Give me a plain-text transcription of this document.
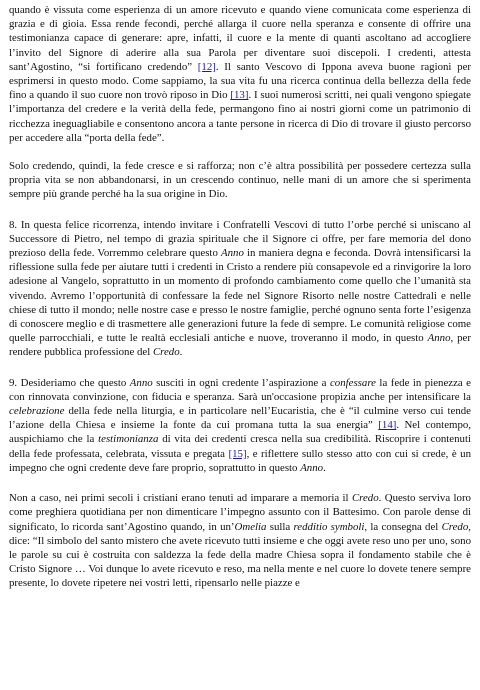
quando è vissuta come esperienza di un amore ricevuto e quando viene comunicata come esperienza di grazia e di gioia. Essa rende fecondi, perché allarga il cuore nella speranza e consente di offrire una testimonianza capace di generare: apre, infatti, il cuore e la mente di quanti ascoltano ad accogliere l’invito del Signore di aderire alla sua Parola per diventare suoi discepoli. I credenti, attesta sant’Agostino, “si fortificano credendo” [12]. Il santo Vescovo di Ippona aveva buone ragioni per esprimersi in questo modo. Come sappiamo, la sua vita fu una ricerca continua della bellezza della fede fino a quando il suo cuore non trovò riposo in Dio [13]. I suoi numerosi scritti, nei quali vengono spiegate l’importanza del credere e la verità della fede, permangono fino ai nostri giorni come un patrimonio di ricchezza ineguagliabile e consentono ancora a tante persone in ricerca di Dio di trovare il giusto percorso per accedere alla “porta della fede”.

Solo credendo, quindi, la fede cresce e si rafforza; non c’è altra possibilità per possedere certezza sulla propria vita se non abbandonarsi, in un crescendo continuo, nelle mani di un amore che si sperimenta sempre più grande perché ha la sua origine in Dio.

8. In questa felice ricorrenza, intendo invitare i Confratelli Vescovi di tutto l’orbe perché si uniscano al Successore di Pietro, nel tempo di grazia spirituale che il Signore ci offre, per fare memoria del dono prezioso della fede. Vorremmo celebrare questo Anno in maniera degna e feconda. Dovrà intensificarsi la riflessione sulla fede per aiutare tutti i credenti in Cristo a rendere più consapevole ed a rinvigorire la loro adesione al Vangelo, soprattutto in un momento di profondo cambiamento come quello che l’umanità sta vivendo. Avremo l’opportunità di confessare la fede nel Signore Risorto nelle nostre Cattedrali e nelle chiese di tutto il mondo; nelle nostre case e presso le nostre famiglie, perché ognuno senta forte l’esigenza di conoscere meglio e di trasmettere alle generazioni future la fede di sempre. Le comunità religiose come quelle parrocchiali, e tutte le realtà ecclesiali antiche e nuove, troveranno il modo, in questo Anno, per rendere pubblica professione del Credo.

9. Desideriamo che questo Anno susciti in ogni credente l’aspirazione a confessare la fede in pienezza e con rinnovata convinzione, con fiducia e speranza. Sarà un'occasione propizia anche per intensificare la celebrazione della fede nella liturgia, e in particolare nell’Eucaristia, che è “il culmine verso cui tende l’azione della Chiesa e insieme la fonte da cui promana tutta la sua energia” [14]. Nel contempo, auspichiamo che la testimonianza di vita dei credenti cresca nella sua credibilità. Riscoprire i contenuti della fede professata, celebrata, vissuta e pregata [15], e riflettere sullo stesso atto con cui si crede, è un impegno che ogni credente deve fare proprio, soprattutto in questo Anno.

Non a caso, nei primi secoli i cristiani erano tenuti ad imparare a memoria il Credo. Questo serviva loro come preghiera quotidiana per non dimenticare l’impegno assunto con il Battesimo. Con parole dense di significato, lo ricorda sant’Agostino quando, in un’Omelia sulla redditio symboli, la consegna del Credo, dice: “Il simbolo del santo mistero che avete ricevuto tutti insieme e che oggi avete reso uno per uno, sono le parole su cui è costruita con saldezza la fede della madre Chiesa sopra il fondamento stabile che è Cristo Signore … Voi dunque lo avete ricevuto e reso, ma nella mente e nel cuore lo dovete tenere sempre presente, lo dovete ripetere nei vostri letti, ripensarlo nelle piazze e
